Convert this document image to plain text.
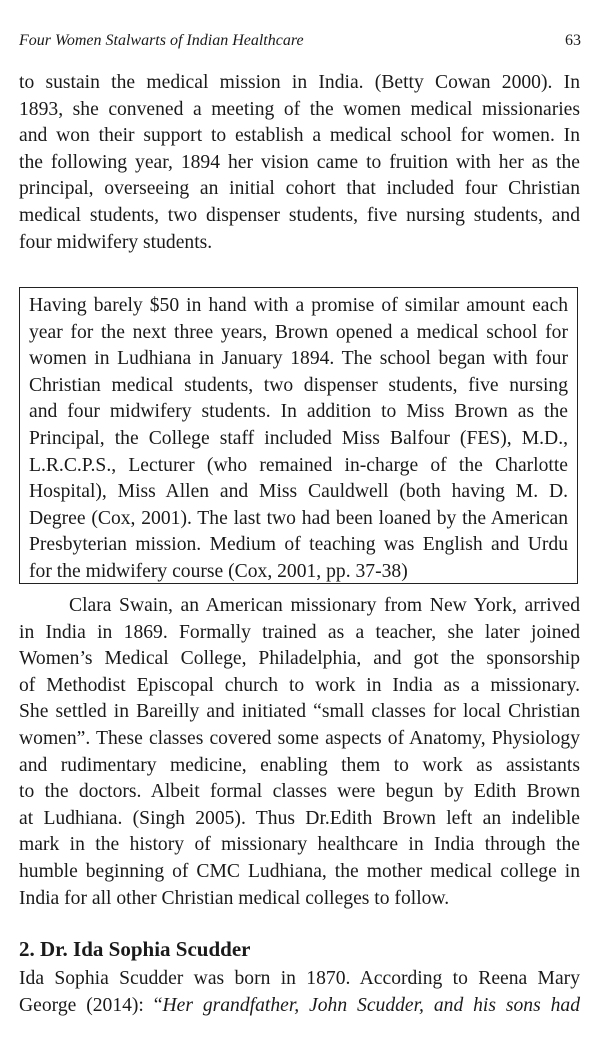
Four Women Stalwarts of Indian Healthcare	63

to sustain the medical mission in India. (Betty Cowan 2000). In
1893, she convened a meeting of the women medical missionaries
and won their support to establish a medical school for women. In
the following year, 1894 her vision came to fruition with her as the
principal, overseeing an initial cohort that included four Christian
medical students, two dispenser students, five nursing students, and
four midwifery students.

Having barely $50 in hand with a promise of similar amount each
year for the next three years, Brown opened a medical school for
women in Ludhiana in January 1894. The school began with four
Christian medical students, two dispenser students, five nursing
and four midwifery students. In addition to Miss Brown as the
Principal, the College staff included Miss Balfour (FES), M.D.,
L.R.C.P.S., Lecturer (who remained in-charge of the Charlotte
Hospital), Miss Allen and Miss Cauldwell (both having M. D.
Degree (Cox, 2001). The last two had been loaned by the American
Presbyterian mission. Medium of teaching was English and Urdu
for the midwifery course (Cox, 2001, pp. 37-38)

Clara Swain, an American missionary from New York, arrived
in India in 1869. Formally trained as a teacher, she later joined
Women’s Medical College, Philadelphia, and got the sponsorship
of Methodist Episcopal church to work in India as a missionary.
She settled in Bareilly and initiated “small classes for local Christian
women”. These classes covered some aspects of Anatomy, Physiology
and rudimentary medicine, enabling them to work as assistants
to the doctors. Albeit formal classes were begun by Edith Brown
at Ludhiana. (Singh 2005). Thus Dr.Edith Brown left an indelible
mark in the history of missionary healthcare in India through the
humble beginning of CMC Ludhiana, the mother medical college in
India for all other Christian medical colleges to follow.

2. Dr. Ida Sophia Scudder

Ida Sophia Scudder was born in 1870. According to Reena Mary
George (2014): “Her grandfather, John Scudder, and his sons had
